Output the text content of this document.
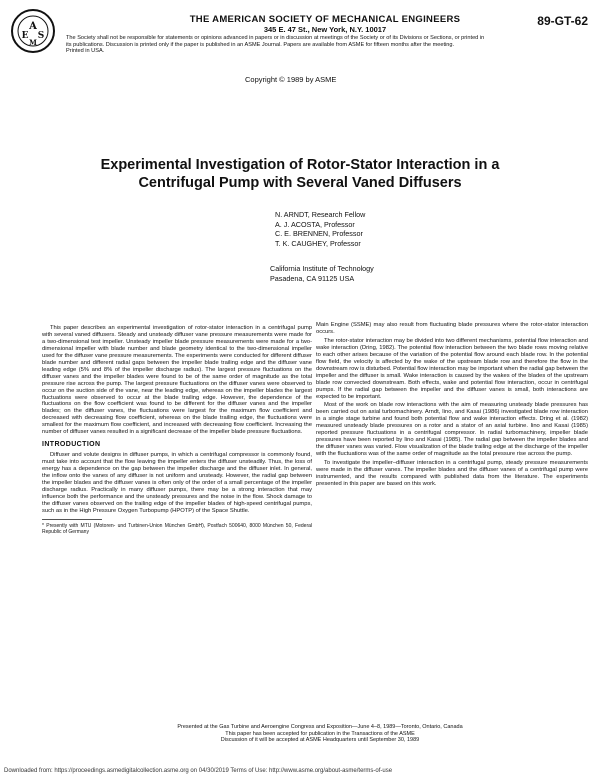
A
E S
M
THE AMERICAN SOCIETY OF MECHANICAL ENGINEERS
345 E. 47 St., New York, N.Y. 10017
89-GT-62
The Society shall not be responsible for statements or opinions advanced in papers or in discussion at meetings of the Society or of its Divisions or Sections, or printed in its publications. Discussion is printed only if the paper is published in an ASME Journal. Papers are available from ASME for fifteen months after the meeting.
Printed in USA.
Copyright © 1989 by ASME
Experimental Investigation of Rotor-Stator Interaction in a
Centrifugal Pump with Several Vaned Diffusers
N. ARNDT, Research Fellow
A. J. ACOSTA, Professor
C. E. BRENNEN, Professor
T. K. CAUGHEY, Professor
California Institute of Technology
Pasadena, CA 91125 USA

This paper describes an experimental investigation of rotor-stator interaction in a centrifugal pump with several vaned diffusers. Steady and unsteady diffuser vane pressure measurements were made for a two-dimensional test impeller. Unsteady impeller blade pressure measurements were made for a two-dimensional impeller with blade number and blade geometry identical to the two-dimensional impeller used for the diffuser vane pressure measurements. The experiments were conducted for different diffuser blade number and different radial gaps between the impeller blade trailing edge and the diffuser vane leading edge (5% and 8% of the impeller discharge radius). The largest pressure fluctuations on the diffuser vanes and the impeller blades were found to be of the same order of magnitude as the total pressure rise across the pump. The largest pressure fluctuations on the diffuser vanes were observed to occur on the suction side of the vane, near the leading edge, whereas on the impeller blades the largest fluctuations were observed to occur at the blade trailing edge. However, the dependence of the fluctuations on the flow coefficient was found to be different for the diffuser vanes and the impeller blades; on the diffuser vanes, the fluctuations were largest for the maximum flow coefficient and decreased with decreasing flow coefficient, whereas on the blade trailing edge, the fluctuations were smallest for the maximum flow coefficient, and increased with decreasing flow coefficient. Increasing the number of diffuser vanes resulted in a significant decrease of the impeller blade pressure fluctuations.

INTRODUCTION

Diffuser and volute designs in diffuser pumps, in which a centrifugal compressor is commonly found, must take into account that the flow leaving the impeller enters the diffuser unsteadily. Thus, the loss of energy has a dependence on the gap between the impeller discharge and the diffuser inlet. In general, the inflow onto the vanes of any diffuser is not uniform and unsteady. However, the radial gap between the impeller blades and the diffuser vanes is often only of the order of a small percentage of the impeller discharge radius. Practically in many diffuser pumps, there may be a strong interaction that may influence both the performance and the unsteady pressures and the noise in the flow. Shock damage to the diffuser vanes observed on the trailing edge of the impeller blades of high-speed centrifugal pumps, such as in the High Pressure Oxygen Turbopump (HPOTP) of the Space Shuttle.

* Presently with MTU (Motoren- und Turbinen-Union München GmbH), Postfach 500640, 8000 München 50, Federal Republic of Germany

Main Engine (SSME) may also result from fluctuating blade pressures where the rotor-stator interaction occurs.

The rotor-stator interaction may be divided into two different mechanisms, potential flow interaction and wake interaction (Dring, 1982). The potential flow interaction between the two blade rows moving relative to each other arises because of the variation of the potential flow around each blade row. In the potential flow field, the velocity is affected by the wake of the upstream blade row and therefore the flow in the downstream row is disturbed. Potential flow interaction may be important when the radial gap between the impeller and the diffuser is small. Wake interaction is caused by the wakes of the blades of the upstream blade row convected downstream. Both effects, wake and potential flow interaction, occur in centrifugal pumps. If the radial gap between the impeller and the diffuser vanes is small, both interactions are expected to be important.

Most of the work on blade row interactions with the aim of measuring unsteady blade pressures has been carried out on axial turbomachinery. Arndt, Iino, and Kasai (1986) investigated blade row interaction in a single stage turbine and found both potential flow and wake interaction effects. Dring et al. (1982) measured unsteady blade pressures on a rotor and a stator of an axial turbine. Iino and Kasai (1985) reported pressure fluctuations in a centrifugal compressor. In radial turbomachinery, impeller blade pressures have been reported by Iino and Kasai (1985). The radial gap between the impeller blades and the diffuser vanes was varied. Flow visualization of the blade trailing edge at the discharge of the impeller with the fluctuations was of the same order of magnitude as the total pressure rise across the pump.

To investigate the impeller–diffuser interaction in a centrifugal pump, steady pressure measurements were made in the diffuser vanes. The impeller blades and the diffuser vanes of a centrifugal pump were instrumented, and the results compared with published data from the literature. The experiments presented in this paper are based on this work.

Presented at the Gas Turbine and Aeroengine Congress and Exposition—June 4–8, 1989—Toronto, Ontario, Canada
This paper has been accepted for publication in the Transactions of the ASME
Discussion of it will be accepted at ASME Headquarters until September 30, 1989
Downloaded from: https://proceedings.asmedigitalcollection.asme.org on 04/30/2019 Terms of Use: http://www.asme.org/about-asme/terms-of-use
